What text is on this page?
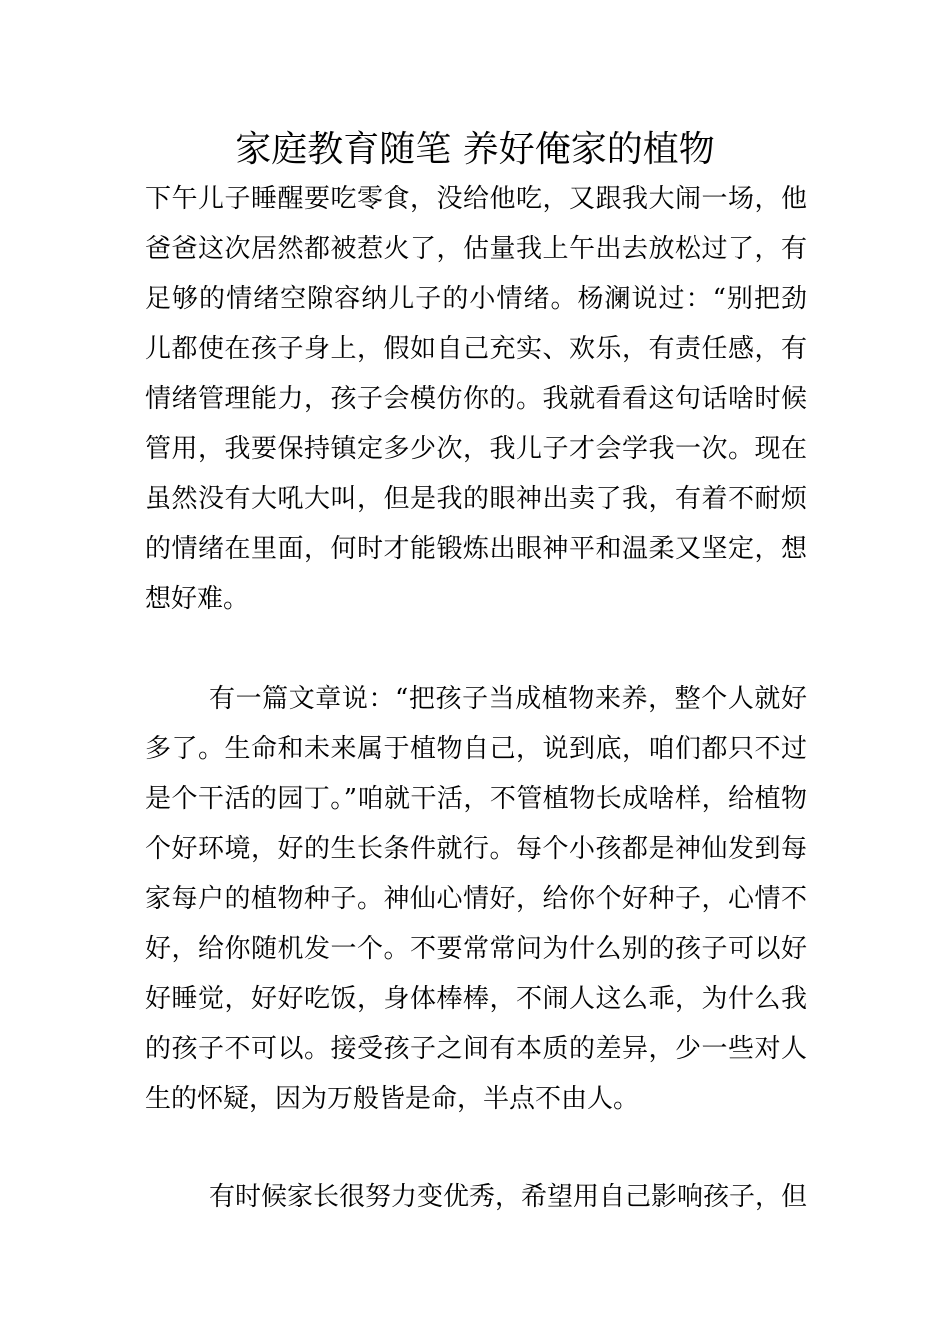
家庭教育随笔 养好俺家的植物

下午儿子睡醒要吃零食，没给他吃，又跟我大闹一场，他爸爸这次居然都被惹火了，估量我上午出去放松过了，有足够的情绪空隙容纳儿子的小情绪。杨澜说过：“别把劲儿都使在孩子身上，假如自己充实、欢乐，有责任感，有情绪管理能力，孩子会模仿你的。我就看看这句话啥时候管用，我要保持镇定多少次，我儿子才会学我一次。现在虽然没有大吼大叫，但是我的眼神出卖了我，有着不耐烦的情绪在里面，何时才能锻炼出眼神平和温柔又坚定，想想好难。

有一篇文章说：“把孩子当成植物来养，整个人就好多了。生命和未来属于植物自己，说到底，咱们都只不过是个干活的园丁。”咱就干活，不管植物长成啥样，给植物个好环境，好的生长条件就行。每个小孩都是神仙发到每家每户的植物种子。神仙心情好，给你个好种子，心情不好，给你随机发一个。不要常常问为什么别的孩子可以好好睡觉，好好吃饭，身体棒棒，不闹人这么乖，为什么我的孩子不可以。接受孩子之间有本质的差异，少一些对人生的怀疑，因为万般皆是命，半点不由人。

有时候家长很努力变优秀，希望用自己影响孩子，但
